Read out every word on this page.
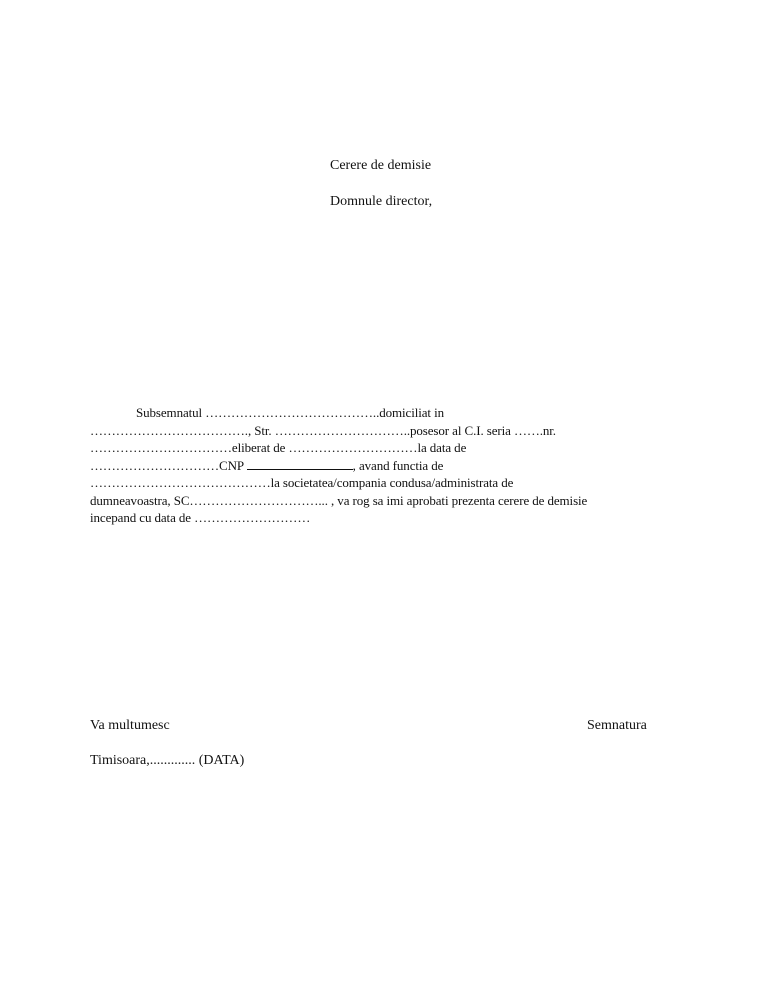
Cerere de demisie
Domnule director,
Subsemnatul …………………………………..domiciliat in
………………………………., Str. …………………………..posesor al C.I. seria …….nr.
……………………………eliberat de …………………………la data de
…………………………CNP	, avand functia de
……………………………………la societatea/compania condusa/administrata de
dumneavoastra, SC…………………………... , va rog sa imi aprobati prezenta cerere de demisie
incepand cu data de ………………………
Va multumesc	Semnatura
Timisoara,............. (DATA)
